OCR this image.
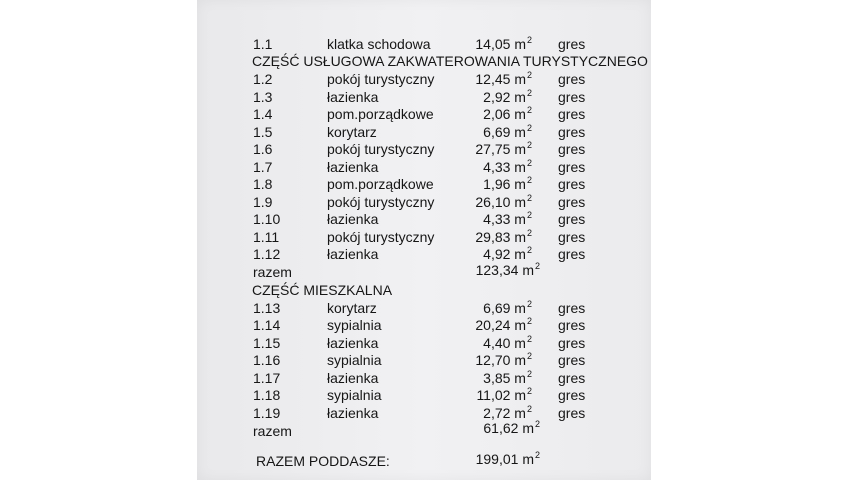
1.1	klatka schodowa	14,05 $m^2$ gres
CZĘŚĆ USŁUGOWA ZAKWATEROWANIA TURYSTYCZNEGO
1.2	pokój turystyczny	12,45 $m^2$ gres
1.3	łazienka	2,92 $m^2$ gres
1.4	pom.porządkowe	2,06 $m^2$ gres
1.5	korytarz	6,69 $m^2$ gres
1.6	pokój turystyczny	27,75 $m^2$ gres
1.7	łazienka	4,33 $m^2$ gres
1.8	pom.porządkowe	1,96 $m^2$ gres
1.9	pokój turystyczny	26,10 $m^2$ gres
1.10	łazienka	4,33 $m^2$ gres
1.11	pokój turystyczny	29,83 $m^2$ gres
1.12	łazienka	4,92 $m^2$ gres
razem	123,34 $m^2$
CZĘŚĆ MIESZKALNA
1.13	korytarz	6,69 $m^2$ gres
1.14	sypialnia	20,24 $m^2$ gres
1.15	łazienka	4,40 $m^2$ gres
1.16	sypialnia	12,70 $m^2$ gres
1.17	łazienka	3,85 $m^2$ gres
1.18	sypialnia	11,02 $m^2$ gres
1.19	łazienka	2,72 $m^2$ gres
razem	61,62 $m^2$
RAZEM PODDASZE:	199,01 $m^2$
